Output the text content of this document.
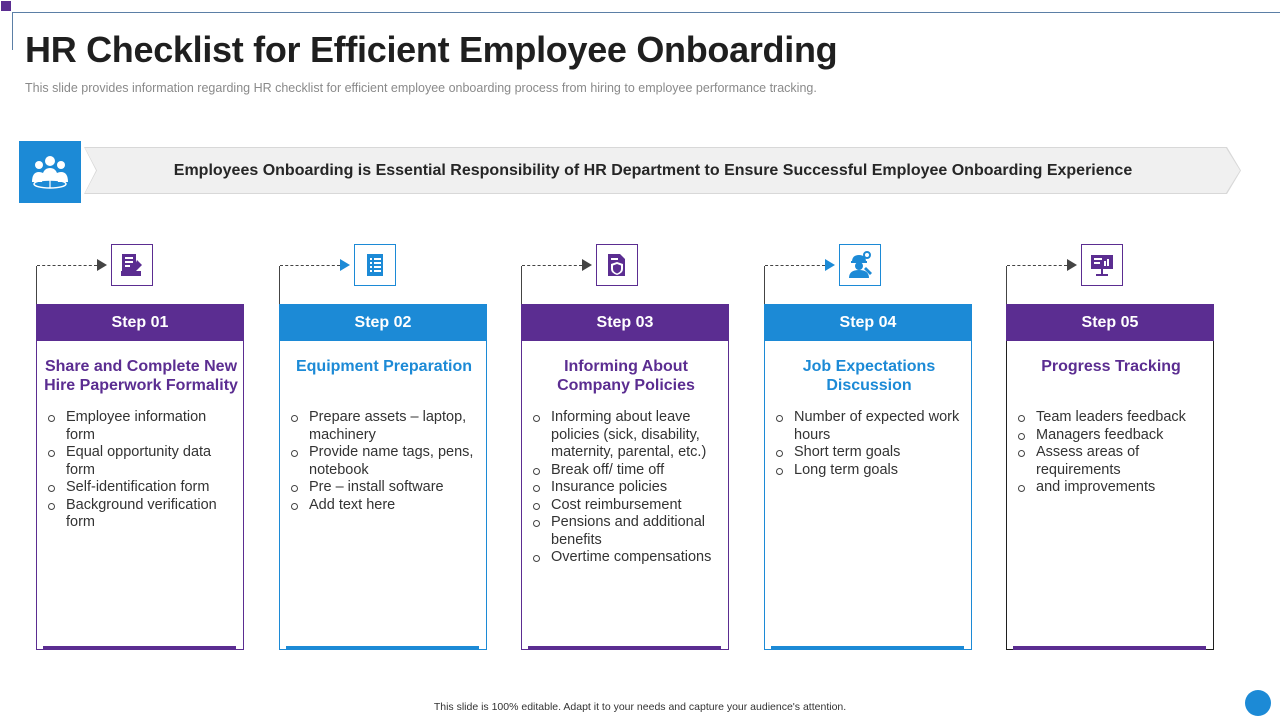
HR Checklist for Efficient Employee Onboarding
This slide provides information regarding HR checklist for efficient employee onboarding process from hiring to employee performance tracking.
Employees Onboarding is Essential Responsibility of HR Department to Ensure Successful Employee Onboarding Experience
Step 01
Share and Complete New Hire Paperwork Formality
Employee information form
Equal opportunity data form
Self-identification form
Background verification form
Step 02
Equipment Preparation
Prepare assets – laptop, machinery
Provide name tags, pens, notebook
Pre – install software
Add text here
Step 03
Informing About Company Policies
Informing about leave policies (sick, disability, maternity, parental, etc.)
Break off/ time off
Insurance policies
Cost reimbursement
Pensions and additional benefits
Overtime compensations
Step 04
Job Expectations Discussion
Number of expected work hours
Short term goals
Long term goals
Step 05
Progress Tracking
Team leaders feedback
Managers feedback
Assess areas of requirements
and improvements
This slide is 100% editable. Adapt it to your needs and capture your audience's attention.
